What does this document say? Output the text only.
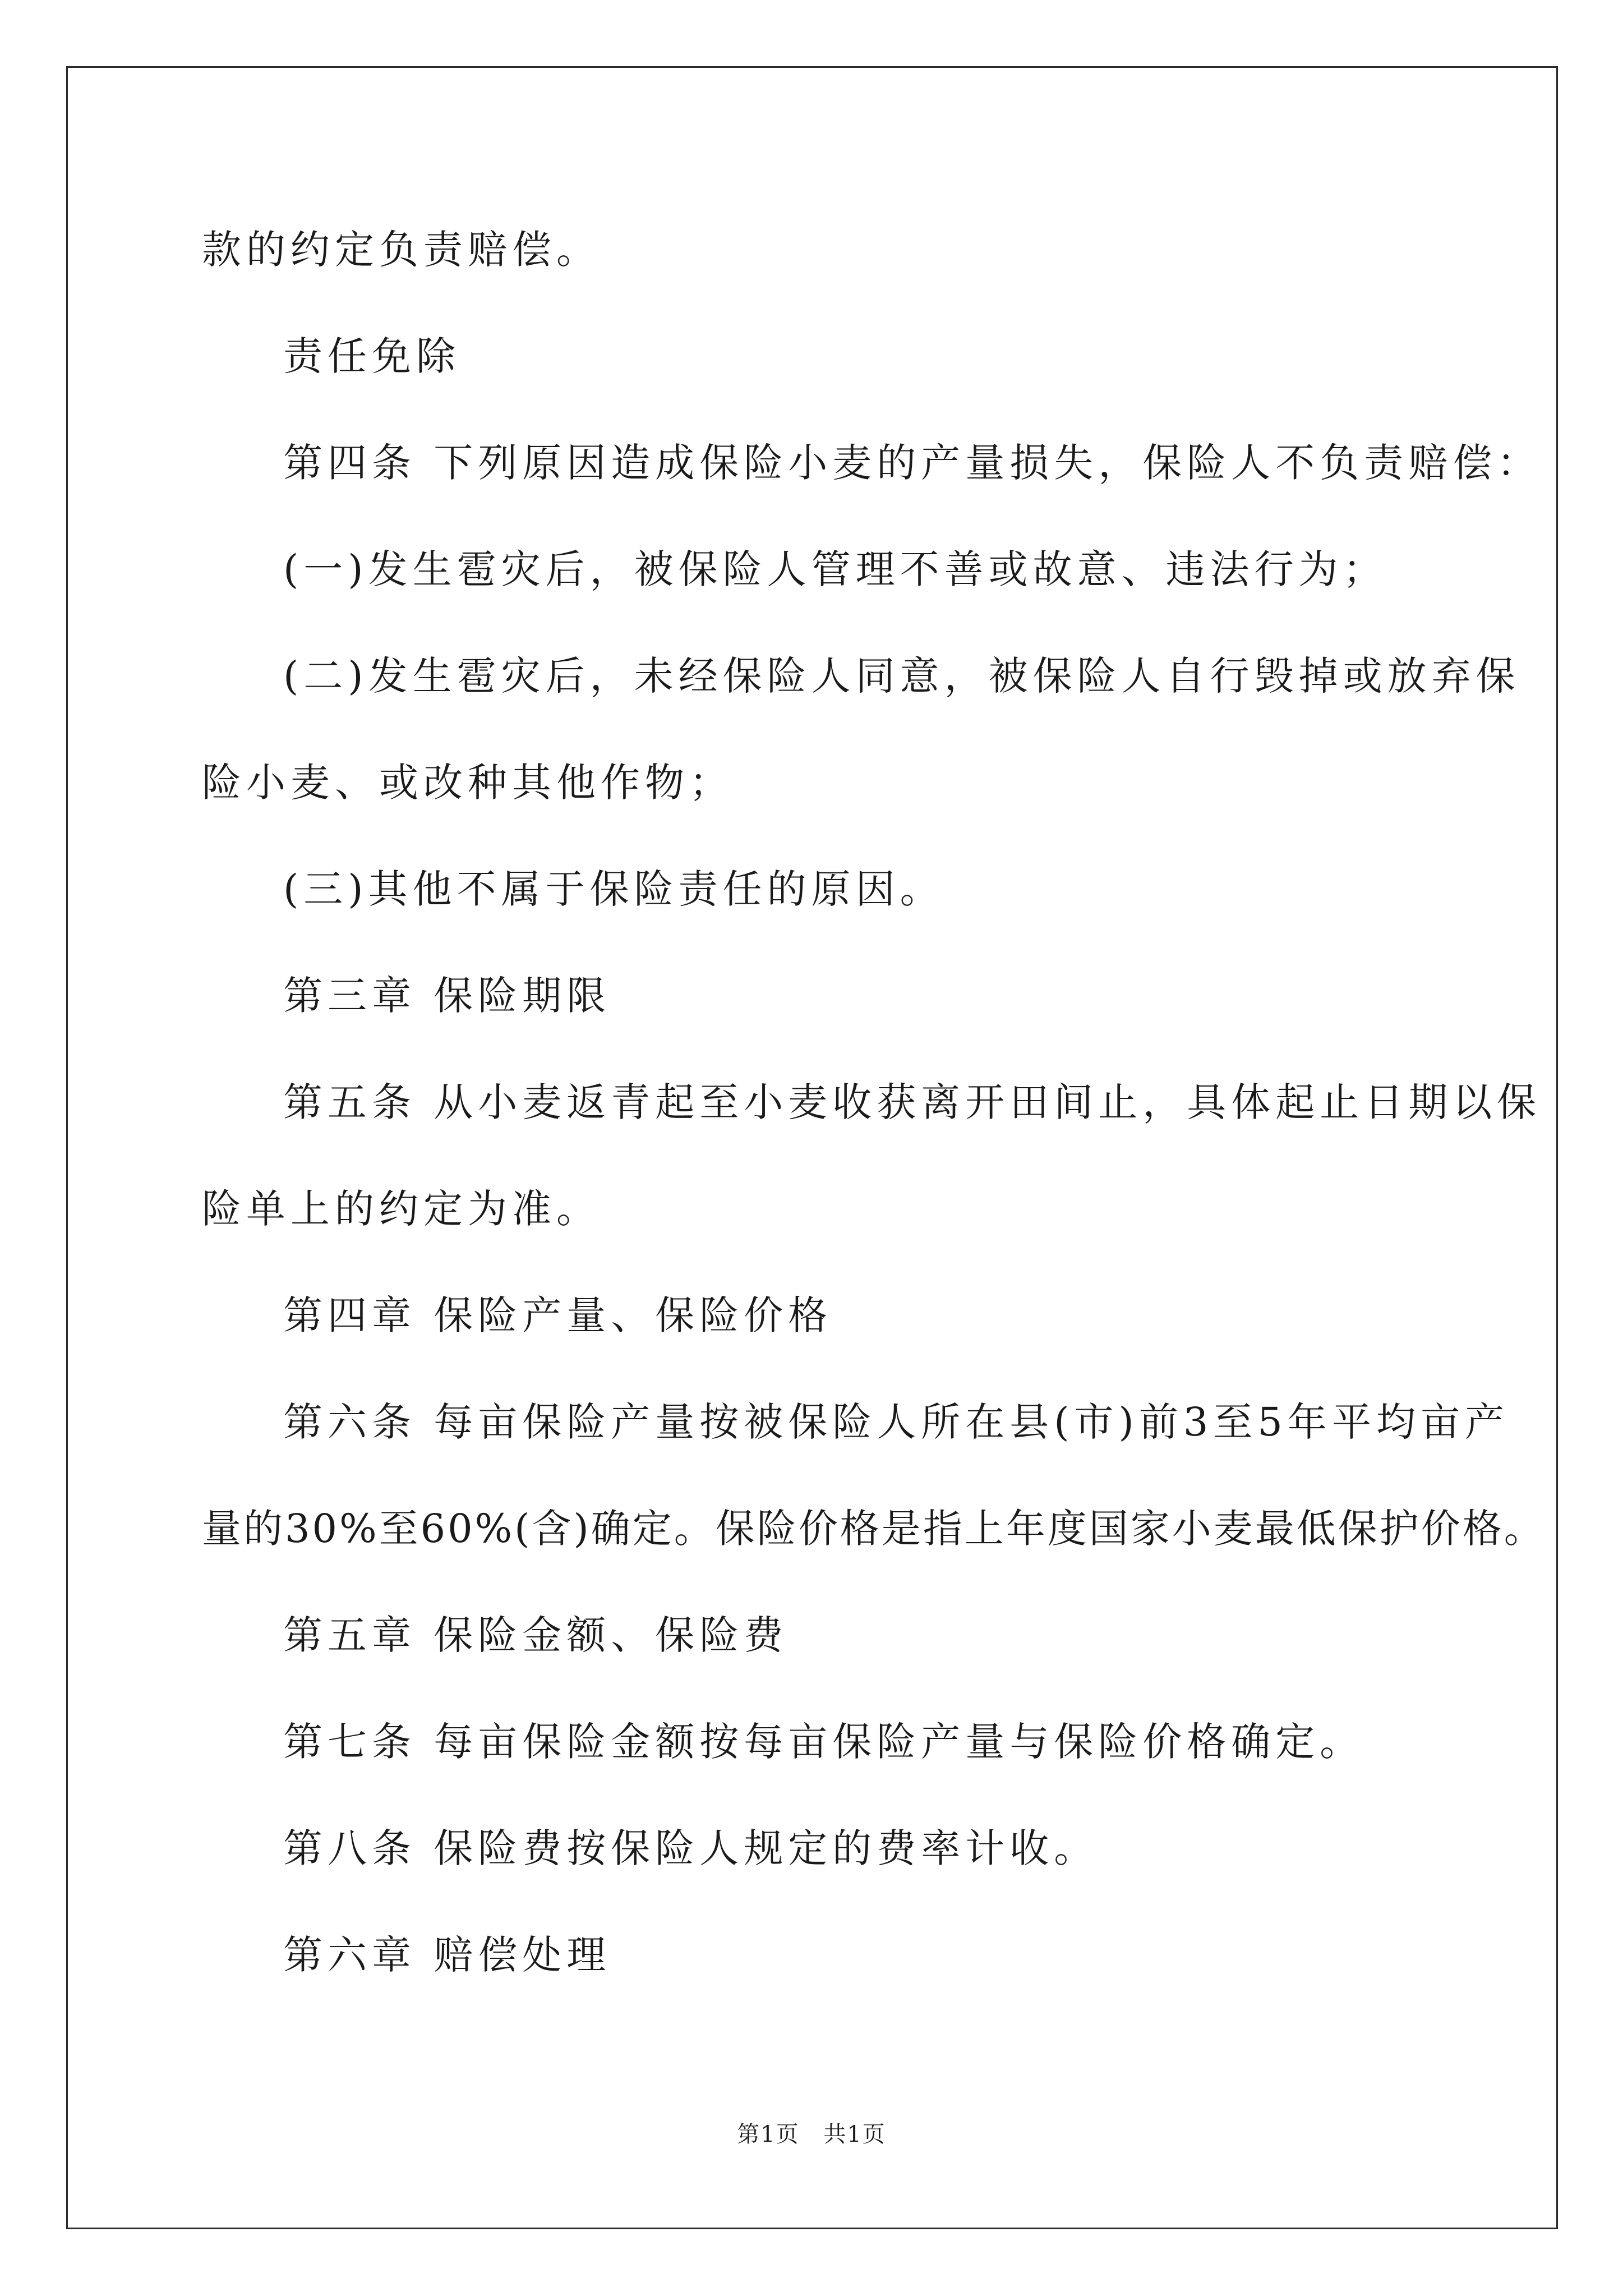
款的约定负责赔偿。
责任免除
第四条 下列原因造成保险小麦的产量损失，保险人不负责赔偿：
(一)发生雹灾后，被保险人管理不善或故意、违法行为；
(二)发生雹灾后，未经保险人同意，被保险人自行毁掉或放弃保
险小麦、或改种其他作物；
(三)其他不属于保险责任的原因。
第三章 保险期限
第五条 从小麦返青起至小麦收获离开田间止，具体起止日期以保
险单上的约定为准。
第四章 保险产量、保险价格
第六条 每亩保险产量按被保险人所在县(市)前3至5年平均亩产
量的30%至60%(含)确定。保险价格是指上年度国家小麦最低保护价格。
第五章 保险金额、保险费
第七条 每亩保险金额按每亩保险产量与保险价格确定。
第八条 保险费按保险人规定的费率计收。
第六章 赔偿处理
第1页 共1页
